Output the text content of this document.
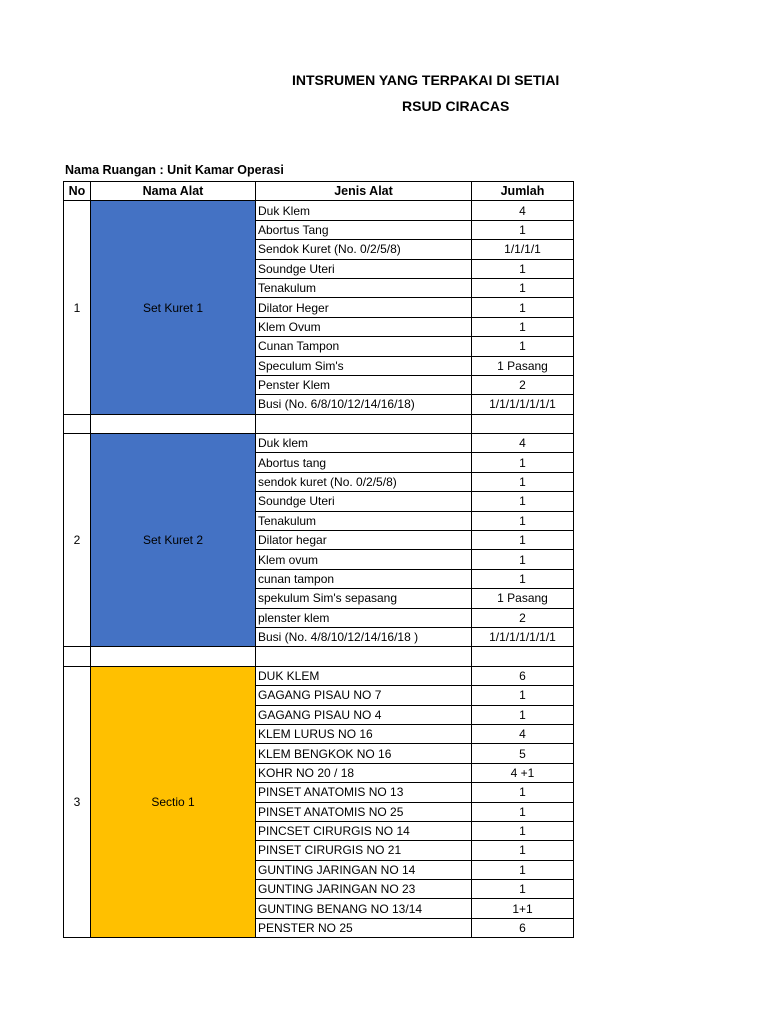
INTSRUMEN YANG TERPAKAI DI SETIAI
RSUD CIRACAS
Nama Ruangan : Unit Kamar Operasi
No	Nama Alat	Jenis Alat	Jumlah
1	Set Kuret 1	Duk Klem	4
		Abortus Tang	1
		Sendok Kuret (No. 0/2/5/8)	1/1/1/1
		Soundge Uteri	1
		Tenakulum	1
		Dilator Heger	1
		Klem Ovum	1
		Cunan Tampon	1
		Speculum Sim's	1 Pasang
		Penster Klem	2
		Busi (No. 6/8/10/12/14/16/18)	1/1/1/1/1/1/1

2	Set Kuret 2	Duk klem	4
		Abortus tang	1
		sendok kuret (No. 0/2/5/8)	1
		Soundge Uteri	1
		Tenakulum	1
		Dilator hegar	1
		Klem ovum	1
		cunan tampon	1
		spekulum Sim's sepasang	1 Pasang
		plenster klem	2
		Busi (No. 4/8/10/12/14/16/18 )	1/1/1/1/1/1/1

3	Sectio 1	DUK KLEM	6
		GAGANG PISAU NO 7	1
		GAGANG PISAU NO 4	1
		KLEM LURUS NO 16	4
		KLEM BENGKOK NO 16	5
		KOHR NO 20 / 18	4 +1
		PINSET ANATOMIS NO 13	1
		PINSET ANATOMIS NO 25	1
		PINCSET CIRURGIS NO 14	1
		PINSET CIRURGIS NO 21	1
		GUNTING JARINGAN NO 14	1
		GUNTING JARINGAN NO 23	1
		GUNTING BENANG NO 13/14	1+1
		PENSTER NO 25	6
